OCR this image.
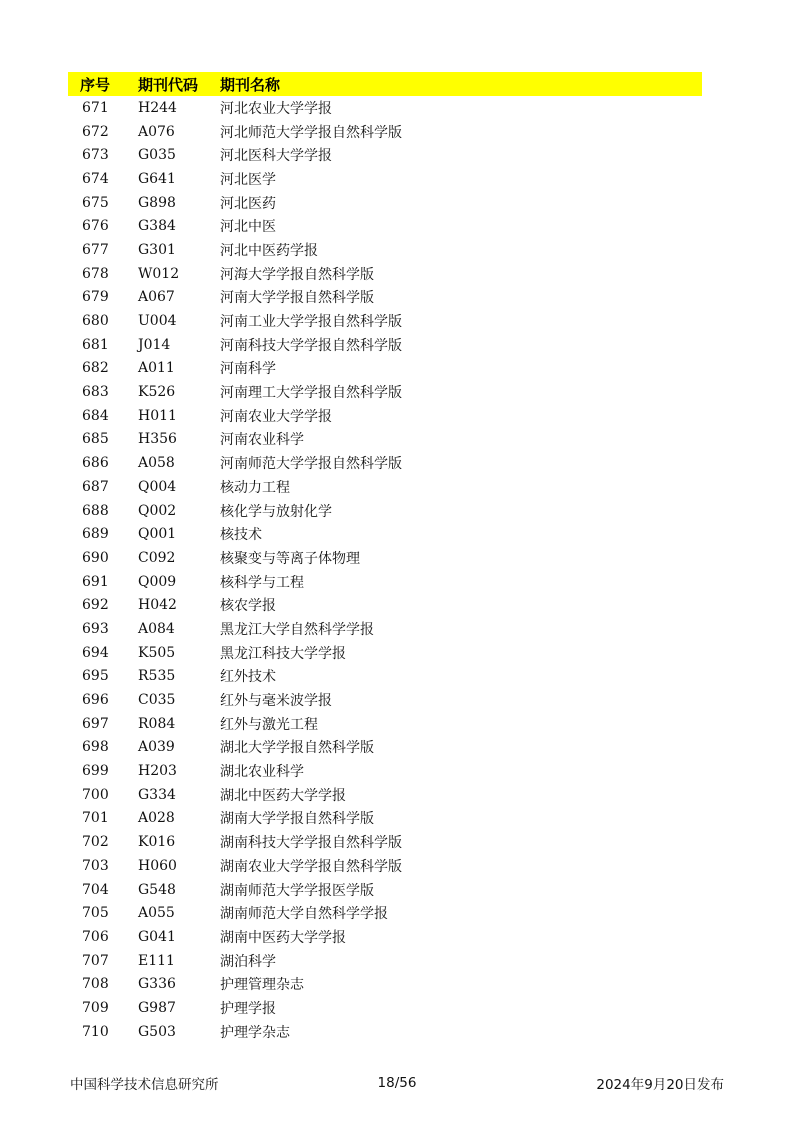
序号	期刊代码	期刊名称
671	H244	河北农业大学学报
672	A076	河北师范大学学报自然科学版
673	G035	河北医科大学学报
674	G641	河北医学
675	G898	河北医药
676	G384	河北中医
677	G301	河北中医药学报
678	W012	河海大学学报自然科学版
679	A067	河南大学学报自然科学版
680	U004	河南工业大学学报自然科学版
681	J014	河南科技大学学报自然科学版
682	A011	河南科学
683	K526	河南理工大学学报自然科学版
684	H011	河南农业大学学报
685	H356	河南农业科学
686	A058	河南师范大学学报自然科学版
687	Q004	核动力工程
688	Q002	核化学与放射化学
689	Q001	核技术
690	C092	核聚变与等离子体物理
691	Q009	核科学与工程
692	H042	核农学报
693	A084	黑龙江大学自然科学学报
694	K505	黑龙江科技大学学报
695	R535	红外技术
696	C035	红外与毫米波学报
697	R084	红外与激光工程
698	A039	湖北大学学报自然科学版
699	H203	湖北农业科学
700	G334	湖北中医药大学学报
701	A028	湖南大学学报自然科学版
702	K016	湖南科技大学学报自然科学版
703	H060	湖南农业大学学报自然科学版
704	G548	湖南师范大学学报医学版
705	A055	湖南师范大学自然科学学报
706	G041	湖南中医药大学学报
707	E111	湖泊科学
708	G336	护理管理杂志
709	G987	护理学报
710	G503	护理学杂志
中国科学技术信息研究所	18/56	2024年9月20日发布
